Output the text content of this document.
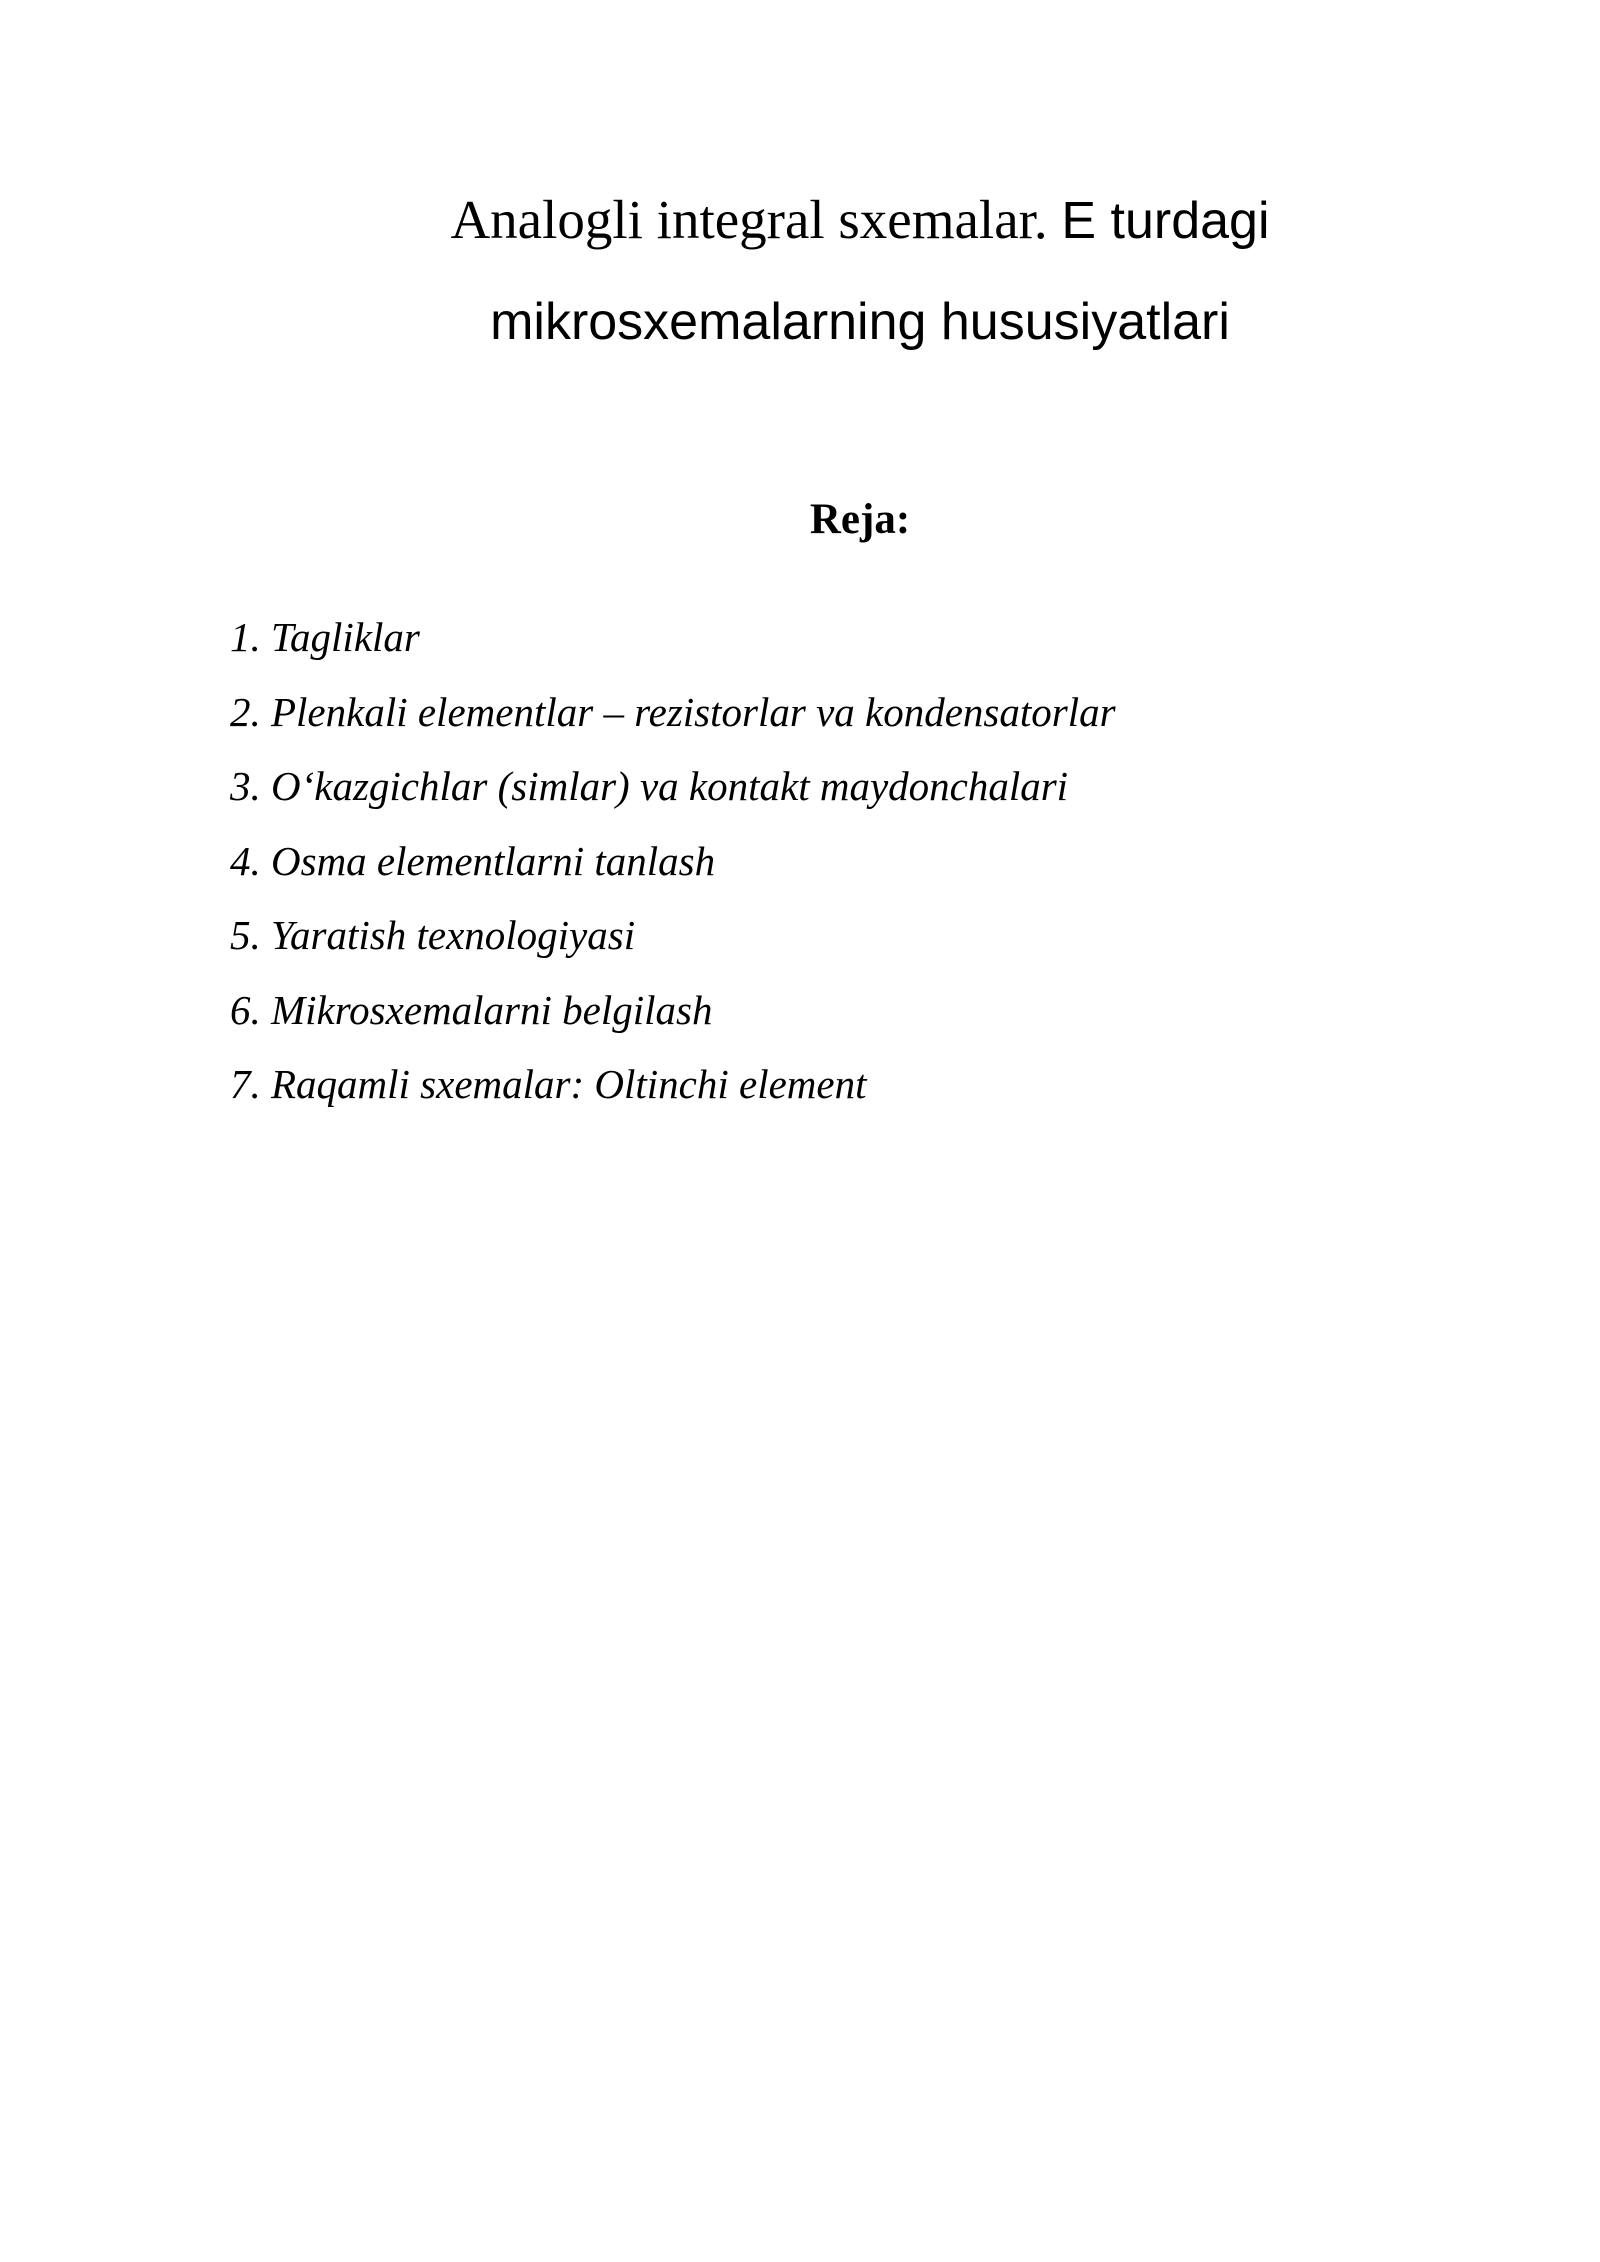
Analogli integral sxemalar. E turdagi mikrosxemalarning hususiyatlari
Reja:
1. Tagliklar
2. Plenkali elementlar – rezistorlar va kondensatorlar
3. O‘kazgichlar (simlar) va kontakt maydonchalari
4. Osma elementlarni tanlash
5. Yaratish texnologiyasi
6. Mikrosxemalarni belgilash
7. Raqamli sxemalar: Oltinchi element
